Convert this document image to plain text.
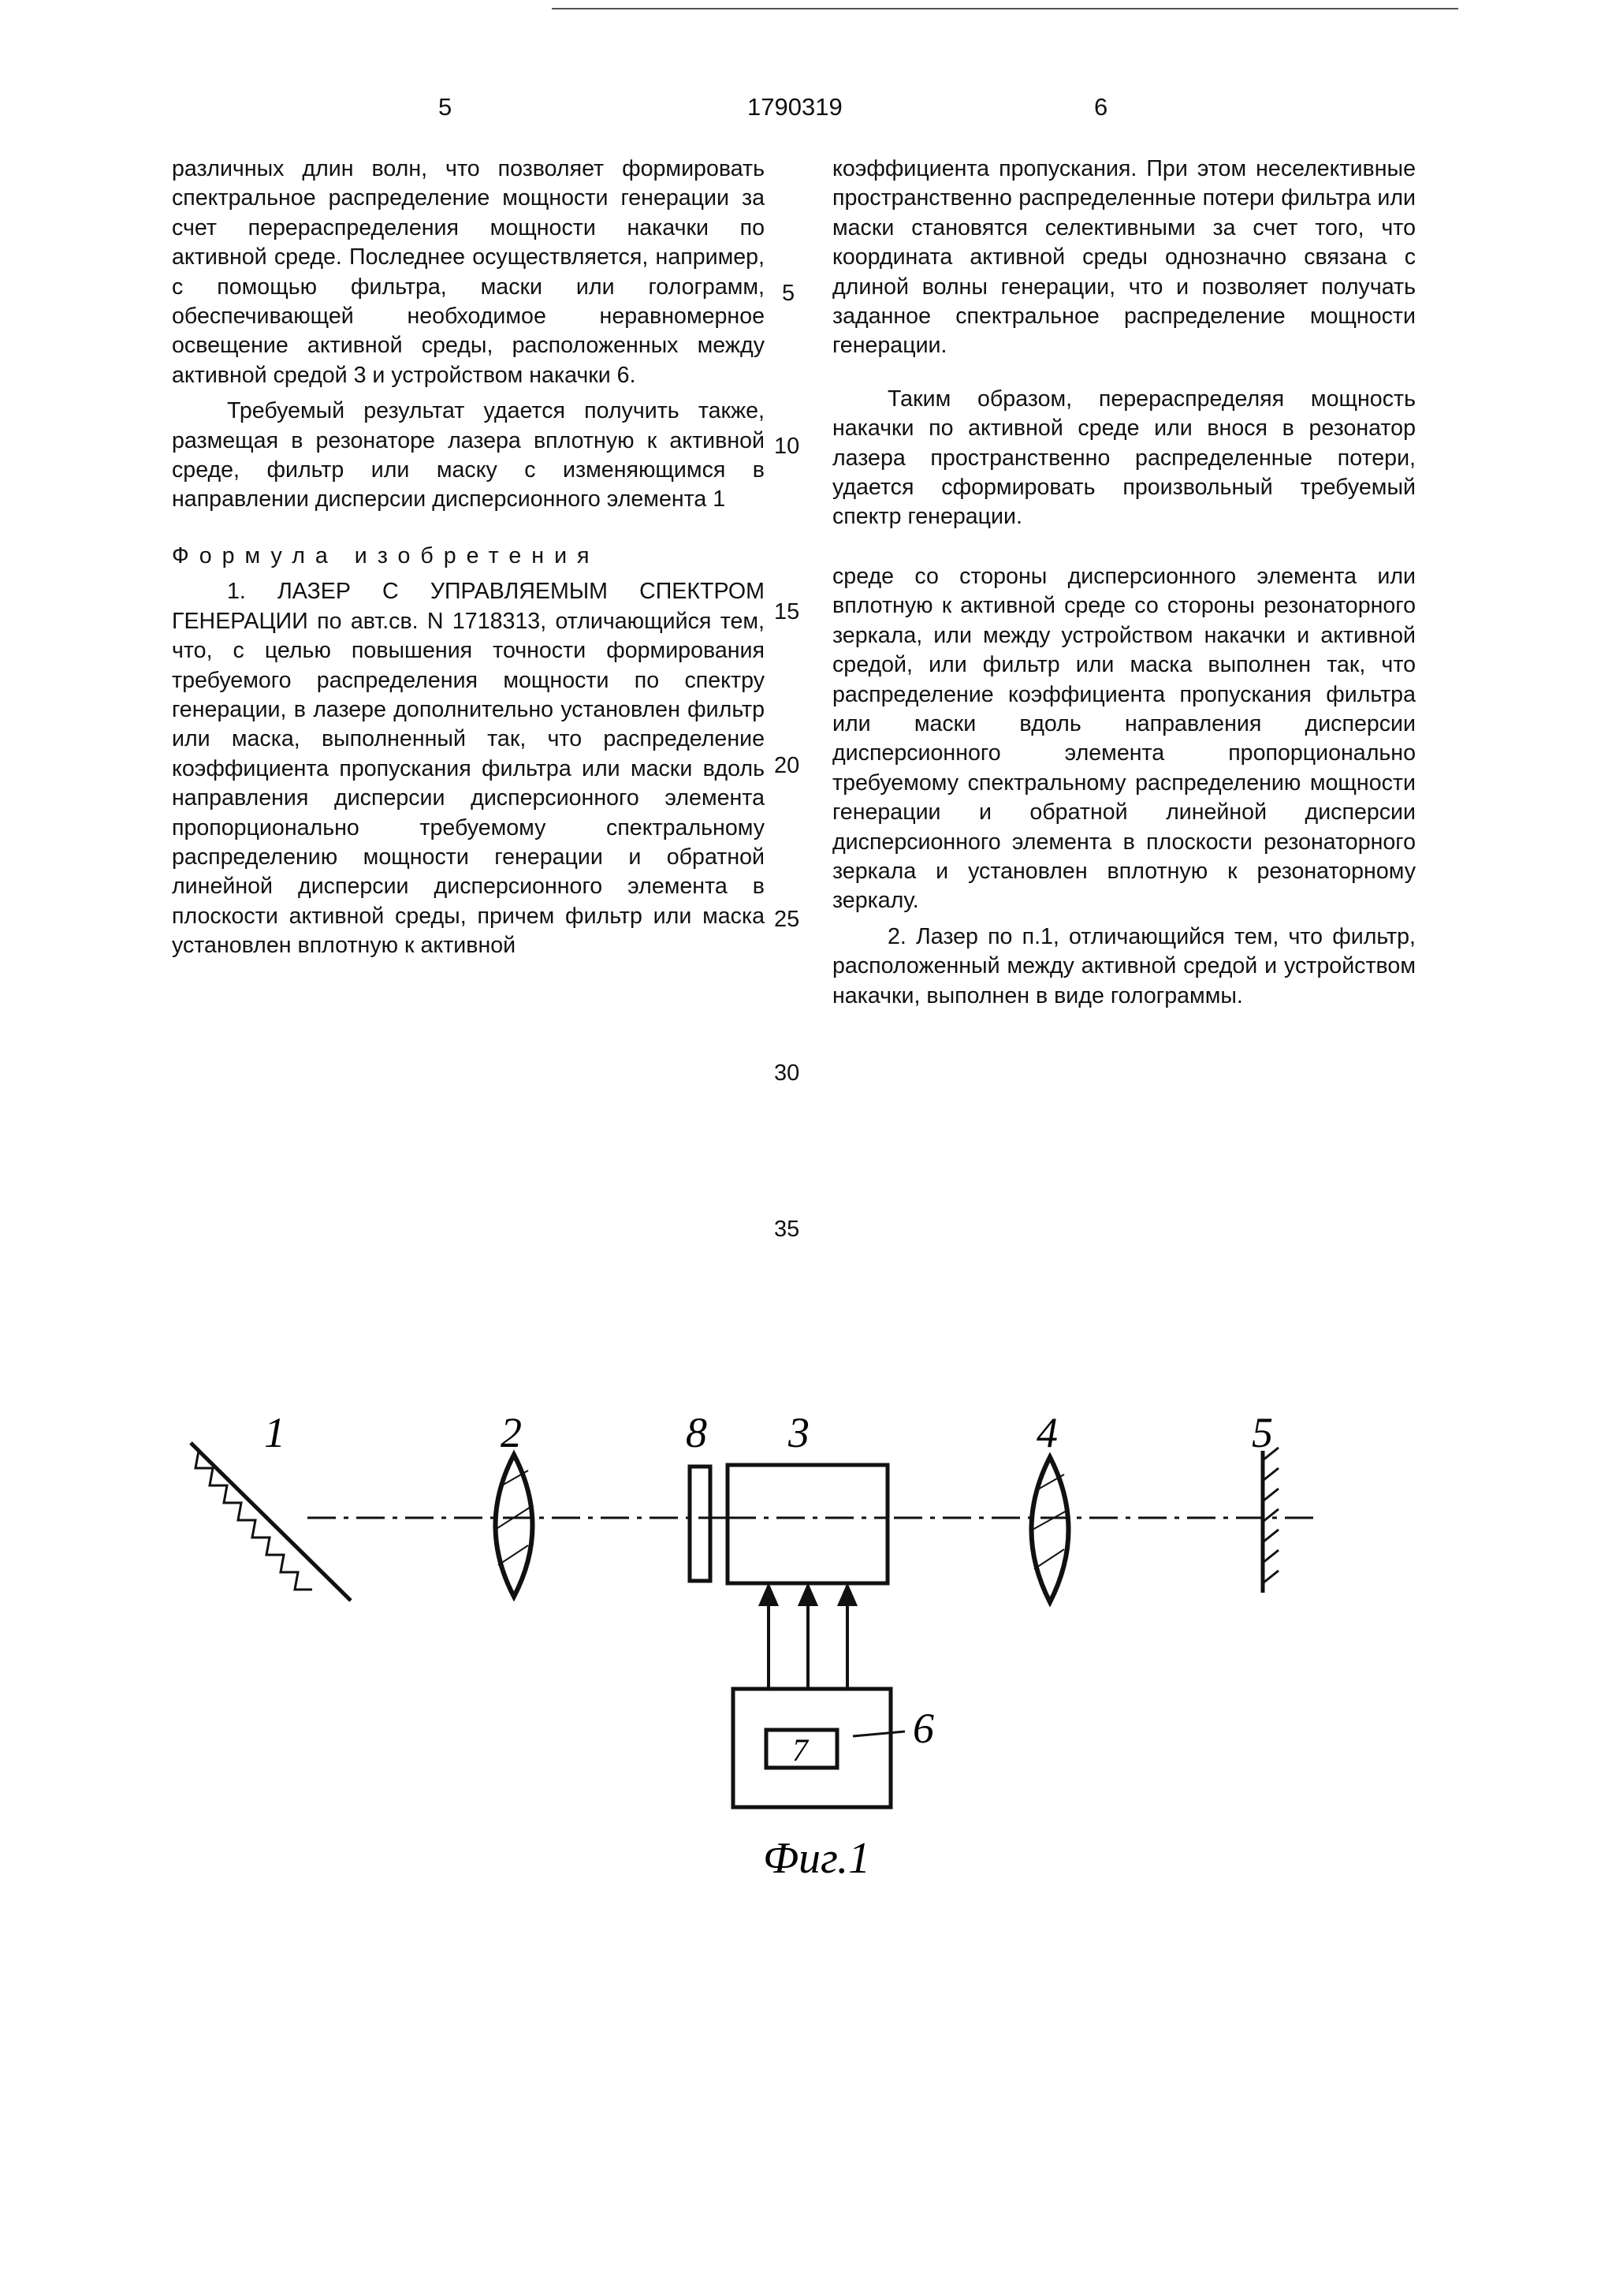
5	1790319	6

различных длин волн, что позволяет формировать спектральное распределение мощности генерации за счет перераспределения мощности накачки по активной среде. Последнее осуществляется, например, с помощью фильтра, маски или голограмм, обеспечивающей необходимое неравномерное освещение активной среды, расположенных между активной средой 3 и устройством накачки 6.

Требуемый результат удается получить также, размещая в резонаторе лазера вплотную к активной среде, фильтр или маску с изменяющимся в направлении дисперсии дисперсионного элемента 1

Формула изобретения

1. ЛАЗЕР С УПРАВЛЯЕМЫМ СПЕКТРОМ ГЕНЕРАЦИИ по авт.св. N 1718313, отличающийся тем, что, с целью повышения точности формирования требуемого распределения мощности по спектру генерации, в лазере дополнительно установлен фильтр или маска, выполненный так, что распределение коэффициента пропускания фильтра или маски вдоль направления дисперсии дисперсионного элемента пропорционально требуемому спектральному распределению мощности генерации и обратной линейной дисперсии дисперсионного элемента в плоскости активной среды, причем фильтр или маска установлен вплотную к активной

5
10
15
20
25
30
35

коэффициента пропускания. При этом неселективные пространственно распределенные потери фильтра или маски становятся селективными за счет того, что координата активной среды однозначно связана с длиной волны генерации, что и позволяет получать заданное спектральное распределение мощности генерации.

Таким образом, перераспределяя мощность накачки по активной среде или внося в резонатор лазера пространственно распределенные потери, удается сформировать произвольный требуемый спектр генерации.

среде со стороны дисперсионного элемента или вплотную к активной среде со стороны резонаторного зеркала, или между устройством накачки и активной средой, или фильтр или маска выполнен так, что распределение коэффициента пропускания фильтра или маски вдоль направления дисперсии дисперсионного элемента пропорционально требуемому спектральному распределению мощности генерации и обратной линейной дисперсии дисперсионного элемента в плоскости резонаторного зеркала и установлен вплотную к резонаторному зеркалу.

2. Лазер по п.1, отличающийся тем, что фильтр, расположенный между активной средой и устройством накачки, выполнен в виде голограммы.

1	2	8 3
7 6
4	5
Фиг.1
